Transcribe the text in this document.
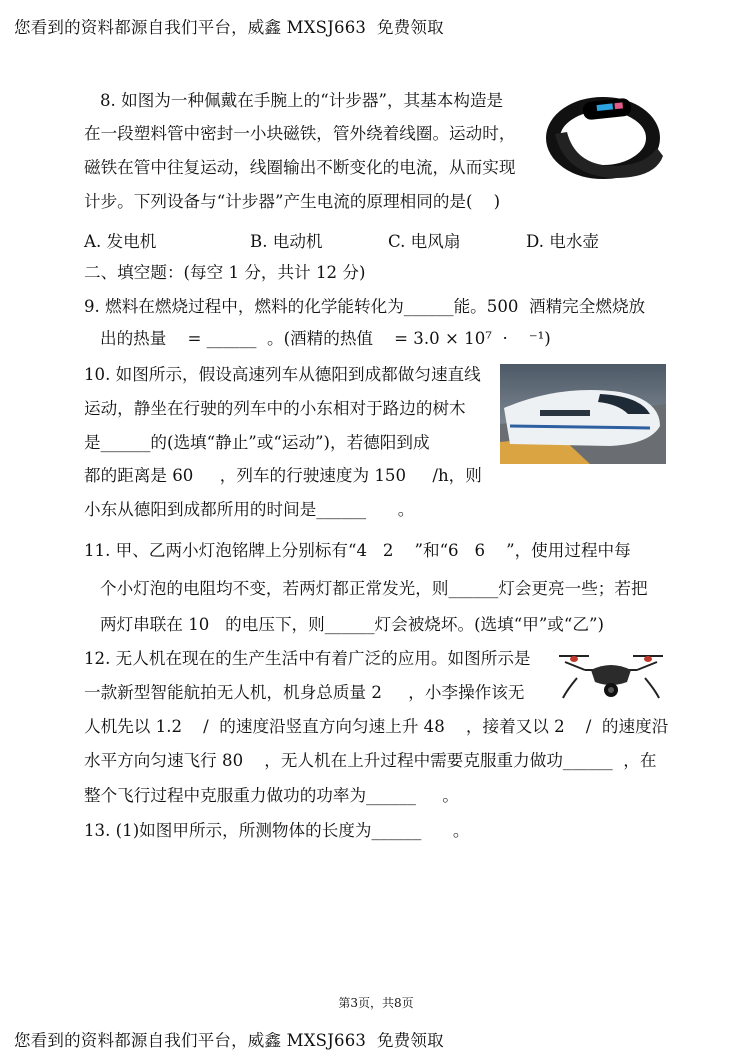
您看到的资料都源自我们平台，威鑫 MXSJ663  免费领取
8. 如图为一种佩戴在手腕上的“计步器”，其基本构造是
在一段塑料管中密封一小块磁铁，管外绕着线圈。运动时，
磁铁在管中往复运动，线圈输出不断变化的电流，从而实现
计步。下列设备与“计步器”产生电流的原理相同的是(    )
A. 发电机	B. 电动机	C. 电风扇	D. 电水壶
二、填空题：(每空 1 分，共计 12 分)
9. 燃料在燃烧过程中，燃料的化学能转化为______能。500  酒精完全燃烧放
出的热量    = ______  。(酒精的热值    = 3.0 × 10⁷  ·    ⁻¹)
10. 如图所示，假设高速列车从德阳到成都做匀速直线
运动，静坐在行驶的列车中的小东相对于路边的树木
是______的(选填“静止”或“运动”)，若德阳到成
都的距离是 60     ，列车的行驶速度为 150     /h，则
小东从德阳到成都所用的时间是______      。
11. 甲、乙两小灯泡铭牌上分别标有“4   2    ”和“6   6    ”，使用过程中每
个小灯泡的电阻均不变，若两灯都正常发光，则______灯会更亮一些；若把
两灯串联在 10   的电压下，则______灯会被烧坏。(选填“甲”或“乙”)
12. 无人机在现在的生产生活中有着广泛的应用。如图所示是
一款新型智能航拍无人机，机身总质量 2     ，小李操作该无
人机先以 1.2    /  的速度沿竖直方向匀速上升 48    ，接着又以 2    /  的速度沿
水平方向匀速飞行 80    ，无人机在上升过程中需要克服重力做功______  ，在
整个飞行过程中克服重力做功的功率为______     。
13. (1)如图甲所示，所测物体的长度为______      。
第3页，共8页
您看到的资料都源自我们平台，威鑫 MXSJ663  免费领取
